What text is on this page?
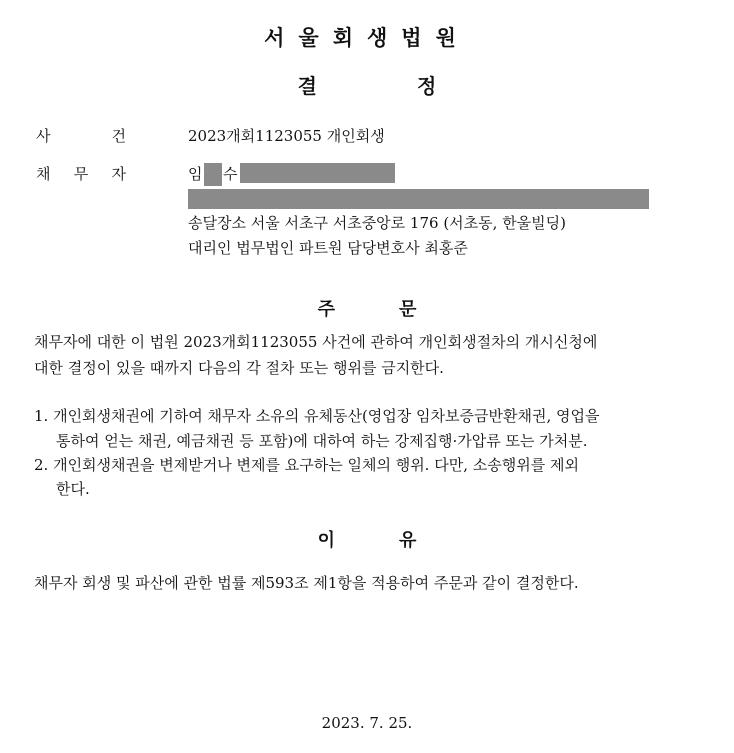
서울회생법원
결	정
사 건	2023개회1123055 개인회생
채 무 자	임 수
송달장소 서울 서초구 서초중앙로 176 (서초동, 한울빌딩)
대리인 법무법인 파트원 담당변호사 최홍준
주	문
채무자에 대한 이 법원 2023개회1123055 사건에 관하여 개인회생절차의 개시신청에
대한 결정이 있을 때까지 다음의 각 절차 또는 행위를 금지한다.
1. 개인회생채권에 기하여 채무자 소유의 유체동산(영업장 임차보증금반환채권, 영업을
통하여 얻는 채권, 예금채권 등 포함)에 대하여 하는 강제집행·가압류 또는 가처분.
2. 개인회생채권을 변제받거나 변제를 요구하는 일체의 행위. 다만, 소송행위를 제외
한다.
이	유
채무자 회생 및 파산에 관한 법률 제593조 제1항을 적용하여 주문과 같이 결정한다.
2023. 7. 25.
